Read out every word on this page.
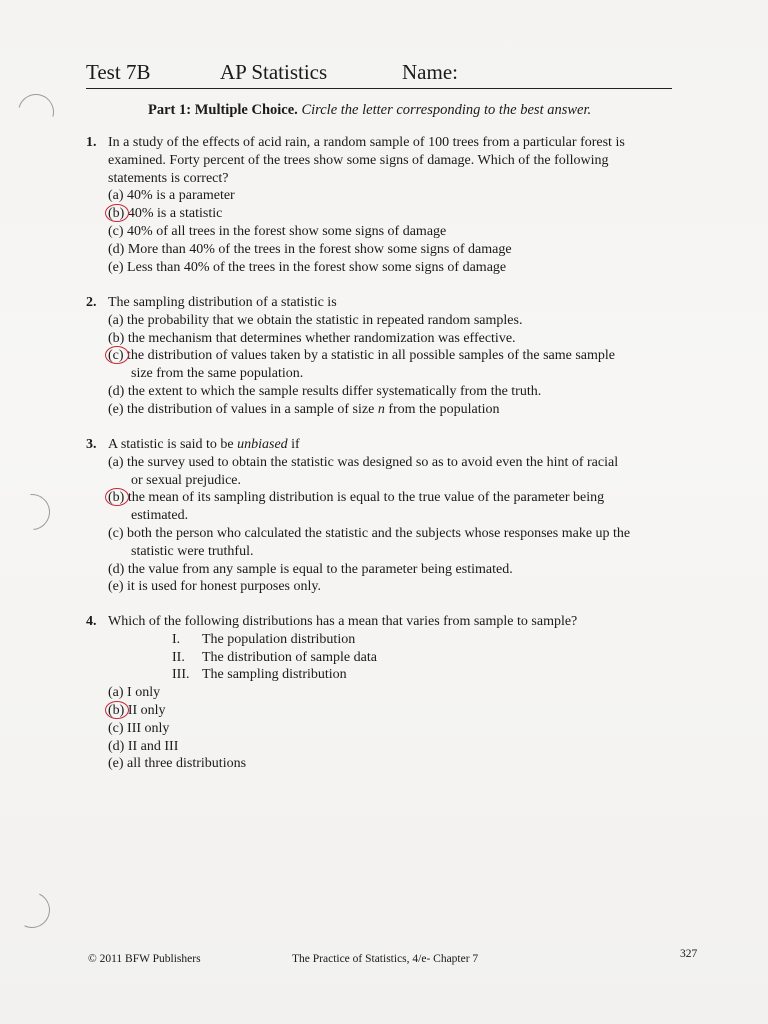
Test 7B	AP Statistics	Name:
Part 1: Multiple Choice. Circle the letter corresponding to the best answer.
1. In a study of the effects of acid rain, a random sample of 100 trees from a particular forest is
examined. Forty percent of the trees show some signs of damage. Which of the following
statements is correct?
(a) 40% is a parameter
(b) 40% is a statistic
(c) 40% of all trees in the forest show some signs of damage
(d) More than 40% of the trees in the forest show some signs of damage
(e) Less than 40% of the trees in the forest show some signs of damage
2. The sampling distribution of a statistic is
(a) the probability that we obtain the statistic in repeated random samples.
(b) the mechanism that determines whether randomization was effective.
(c) the distribution of values taken by a statistic in all possible samples of the same sample
size from the same population.
(d) the extent to which the sample results differ systematically from the truth.
(e) the distribution of values in a sample of size n from the population
3. A statistic is said to be unbiased if
(a) the survey used to obtain the statistic was designed so as to avoid even the hint of racial
or sexual prejudice.
(b) the mean of its sampling distribution is equal to the true value of the parameter being
estimated.
(c) both the person who calculated the statistic and the subjects whose responses make up the
statistic were truthful.
(d) the value from any sample is equal to the parameter being estimated.
(e) it is used for honest purposes only.
4. Which of the following distributions has a mean that varies from sample to sample?
I. The population distribution
II. The distribution of sample data
III. The sampling distribution
(a) I only
(b) II only
(c) III only
(d) II and III
(e) all three distributions
© 2011 BFW Publishers	The Practice of Statistics, 4/e- Chapter 7	327
